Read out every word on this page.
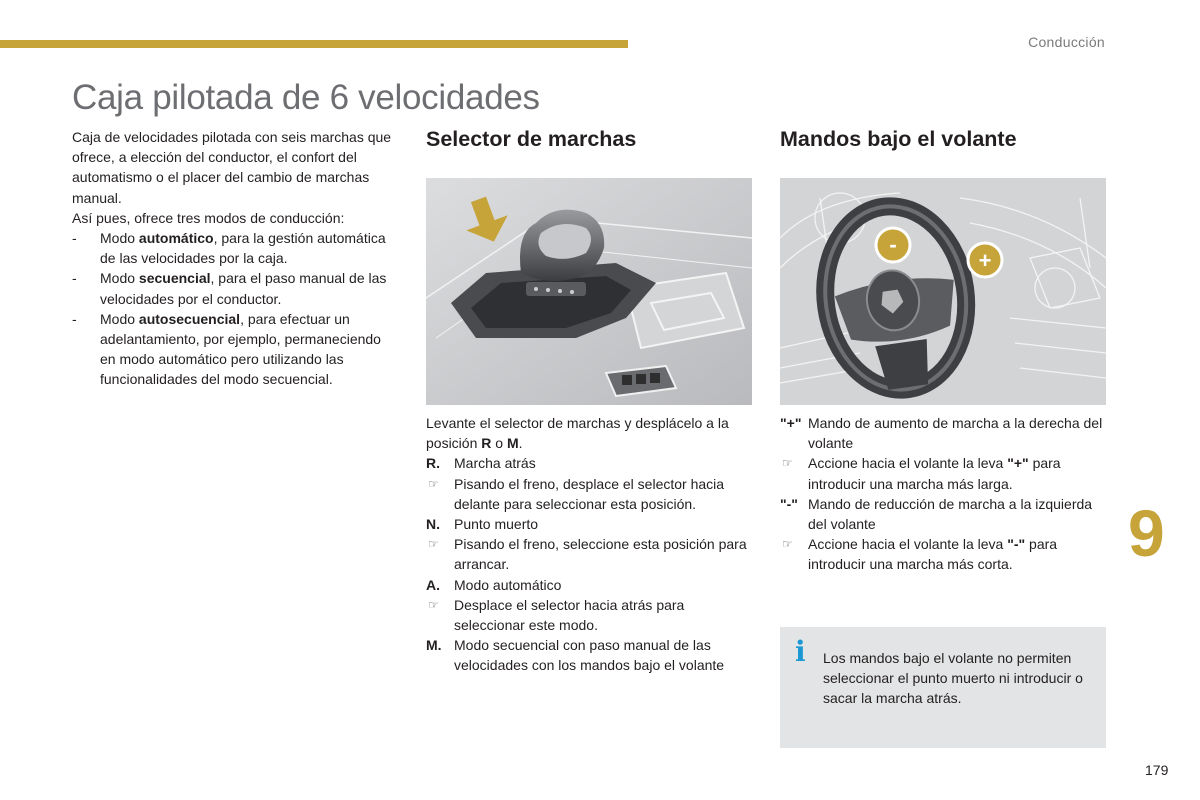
Conducción
Caja pilotada de 6 velocidades
9
179

Caja de velocidades pilotada con seis marchas que ofrece, a elección del conductor, el confort del automatismo o el placer del cambio de marchas manual.

Así pues, ofrece tres modos de conducción:

- Modo automático, para la gestión automática de las velocidades por la caja.
- Modo secuencial, para el paso manual de las velocidades por el conductor.
- Modo autosecuencial, para efectuar un adelantamiento, por ejemplo, permaneciendo en modo automático pero utilizando las funcionalidades del modo secuencial.
Selector de marchas

Levante el selector de marchas y desplácelo a la posición R o M.

R. Marcha atrás
☞ Pisando el freno, desplace el selector hacia delante para seleccionar esta posición.
N. Punto muerto
☞ Pisando el freno, seleccione esta posición para arrancar.
A. Modo automático
☞ Desplace el selector hacia atrás para seleccionar este modo.
M. Modo secuencial con paso manual de las velocidades con los mandos bajo el volante
Mandos bajo el volante
-
+
"+" Mando de aumento de marcha a la derecha del volante
☞ Accione hacia el volante la leva "+" para introducir una marcha más larga.
"-" Mando de reducción de marcha a la izquierda del volante
☞ Accione hacia el volante la leva "-" para introducir una marcha más corta.
i Los mandos bajo el volante no permiten seleccionar el punto muerto ni introducir o sacar la marcha atrás.
